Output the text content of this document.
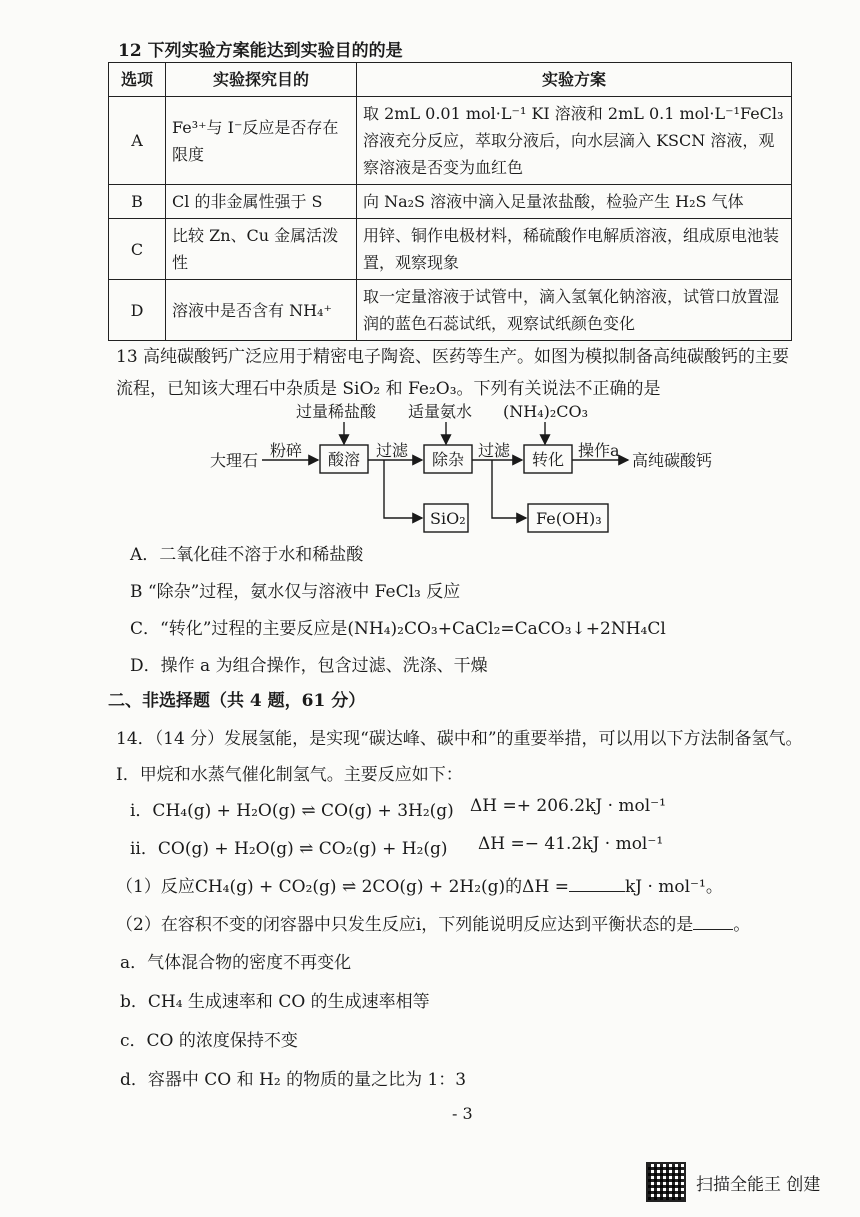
12 下列实验方案能达到实验目的的是
选项	实验探究目的	实验方案
A	Fe³⁺与 I⁻反应是否存在限度	取 2mL 0.01 mol·L⁻¹ KI 溶液和 2mL 0.1 mol·L⁻¹FeCl₃ 溶液充分反应，萃取分液后，向水层滴入 KSCN 溶液，观察溶液是否变为血红色
B	Cl 的非金属性强于 S	向 Na₂S 溶液中滴入足量浓盐酸，检验产生 H₂S 气体
C	比较 Zn、Cu 金属活泼性	用锌、铜作电极材料，稀硫酸作电解质溶液，组成原电池装置，观察现象
D	溶液中是否含有 NH₄⁺	取一定量溶液于试管中，滴入氢氧化钠溶液，试管口放置湿润的蓝色石蕊试纸，观察试纸颜色变化
13 高纯碳酸钙广泛应用于精密电子陶瓷、医药等生产。如图为模拟制备高纯碳酸钙的主要
流程，已知该大理石中杂质是 SiO₂ 和 Fe₂O₃。下列有关说法不正确的是
过量稀盐酸 适量氨水 (NH₄)₂CO₃
大理石
粉碎 酸溶 过滤 除杂 过滤 转化 操作a
高纯碳酸钙
SiO₂	Fe(OH)₃
A．二氧化硅不溶于水和稀盐酸
B “除杂”过程，氨水仅与溶液中 FeCl₃ 反应
C．“转化”过程的主要反应是(NH₄)₂CO₃+CaCl₂=CaCO₃↓+2NH₄Cl
D．操作 a 为组合操作，包含过滤、洗涤、干燥
二、非选择题（共 4 题，61 分）
14．（14 分）发展氢能，是实现“碳达峰、碳中和”的重要举措，可以用以下方法制备氢气。
I．甲烷和水蒸气催化制氢气。主要反应如下：
i．CH₄(g) + H₂O(g) ⇌ CO(g) + 3H₂(g) ΔH =+ 206.2kJ · mol⁻¹
ii．CO(g) + H₂O(g) ⇌ CO₂(g) + H₂(g) ΔH =− 41.2kJ · mol⁻¹
（1）反应CH₄(g) + CO₂(g) ⇌ 2CO(g) + 2H₂(g)的ΔH =	kJ · mol⁻¹。
（2）在容积不变的闭容器中只发生反应i，下列能说明反应达到平衡状态的是 。
a．气体混合物的密度不再变化
b．CH₄ 生成速率和 CO 的生成速率相等
c．CO 的浓度保持不变
d．容器中 CO 和 H₂ 的物质的量之比为 1：3
- 3
扫描全能王 创建
